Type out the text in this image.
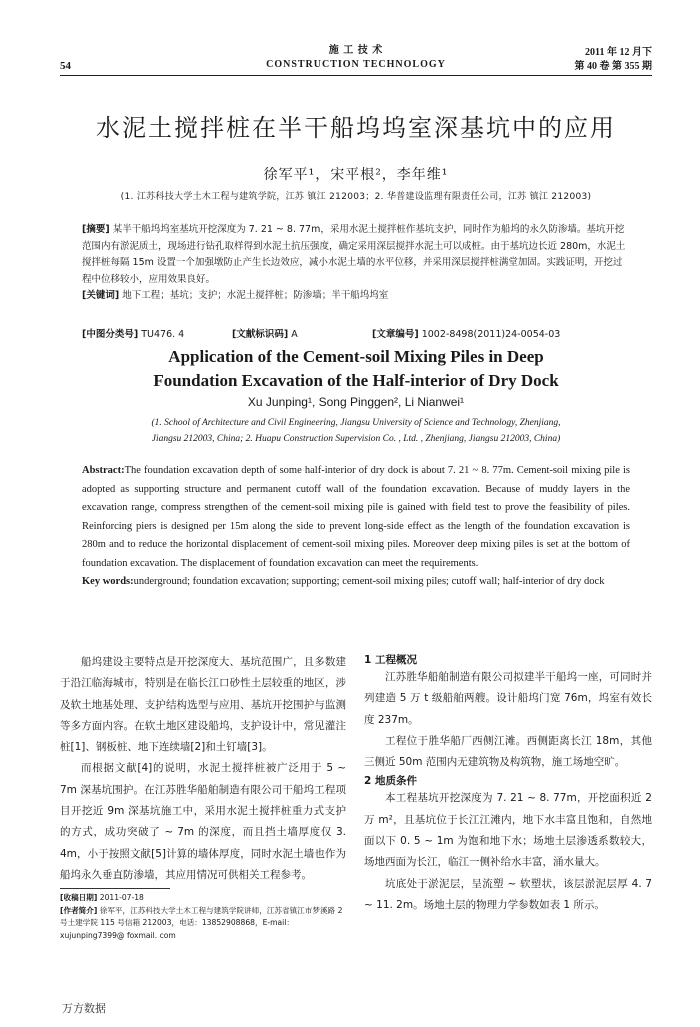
54
施 工 技 术
CONSTRUCTION TECHNOLOGY
2011 年 12 月下
第 40 卷 第 355 期
水泥土搅拌桩在半干船坞坞室深基坑中的应用
徐军平¹，宋平根²，李年维¹
(1. 江苏科技大学土木工程与建筑学院，江苏 镇江 212003；2. 华普建设监理有限责任公司，江苏 镇江 212003)

[摘要] 某半干船坞坞室基坑开挖深度为 7. 21 ~ 8. 77m，采用水泥土搅拌桩作基坑支护，同时作为船坞的永久防渗墙。基坑开挖范围内有淤泥质土，现场进行钻孔取样得到水泥土抗压强度，确定采用深层搅拌水泥土可以成桩。由于基坑边长近 280m，水泥土搅拌桩每隔 15m 设置一个加强墩防止产生长边效应，减小水泥土墙的水平位移，并采用深层搅拌桩满堂加固。实践证明，开挖过程中位移较小，应用效果良好。

[关键词] 地下工程；基坑；支护；水泥土搅拌桩；防渗墙；半干船坞坞室

[中图分类号] TU476. 4	[文献标识码] A	[文章编号] 1002-8498(2011)24-0054-03
Application of the Cement-soil Mixing Piles in Deep
Foundation Excavation of the Half-interior of Dry Dock
Xu Junping¹, Song Pinggen², Li Nianwei¹
(1. School of Architecture and Civil Engineering, Jiangsu University of Science and Technology, Zhenjiang,
Jiangsu 212003, China; 2. Huapu Construction Supervision Co. , Ltd. , Zhenjiang, Jiangsu 212003, China)

Abstract:The foundation excavation depth of some half-interior of dry dock is about 7. 21 ~ 8. 77m. Cement-soil mixing pile is adopted as supporting structure and permanent cutoff wall of the foundation excavation. Because of muddy layers in the excavation range, compress strengthen of the cement-soil mixing pile is gained with field test to prove the feasibility of piles. Reinforcing piers is designed per 15m along the side to prevent long-side effect as the length of the foundation excavation is 280m and to reduce the horizontal displacement of cement-soil mixing piles. Moreover deep mixing piles is set at the bottom of foundation excavation. The displacement of foundation excavation can meet the requirements.

Key words:underground; foundation excavation; supporting; cement-soil mixing piles; cutoff wall; half-interior of dry dock

船坞建设主要特点是开挖深度大、基坑范围广，且多数建于沿江临海城市，特别是在临长江口砂性土层较重的地区，涉及软土地基处理、支护结构选型与应用、基坑开挖围护与监测等多方面内容。在软土地区建设船坞，支护设计中，常见灌注桩[1]、钢板桩、地下连续墙[2]和土钉墙[3]。

而根据文献[4]的说明，水泥土搅拌桩被广泛用于 5 ~ 7m 深基坑围护。在江苏胜华船舶制造有限公司干船坞工程项目开挖近 9m 深基坑施工中，采用水泥土搅拌桩重力式支护的方式，成功突破了 ~ 7m 的深度，而且挡土墙厚度仅 3. 4m，小于按照文献[5]计算的墙体厚度，同时水泥土墙也作为船坞永久垂直防渗墙，其应用情况可供相关工程参考。

1 工程概况

江苏胜华船舶制造有限公司拟建半干船坞一座，可同时并列建造 5 万 t 级船舶两艘。设计船坞门宽 76m，坞室有效长度 237m。

工程位于胜华船厂西侧江滩。西侧距离长江 18m，其他三侧近 50m 范围内无建筑物及构筑物，施工场地空旷。

2 地质条件

本工程基坑开挖深度为 7. 21 ~ 8. 77m，开挖面积近 2 万 m²，且基坑位于长江江滩内，地下水丰富且饱和，自然地面以下 0. 5 ~ 1m 为饱和地下水；场地土层渗透系数较大，场地西面为长江，临江一侧补给水丰富，涌水量大。

坑底处于淤泥层，呈流塑 ~ 软塑状，该层淤泥层厚 4. 7 ~ 11. 2m。场地土层的物理力学参数如表 1 所示。

[收稿日期] 2011-07-18
[作者简介] 徐军平，江苏科技大学土木工程与建筑学院讲师，江苏省镇江市梦溪路 2 号土建学院 115 号信箱 212003，电话：13852908868，E-mail：xujunping7399@ foxmail. com
万方数据
